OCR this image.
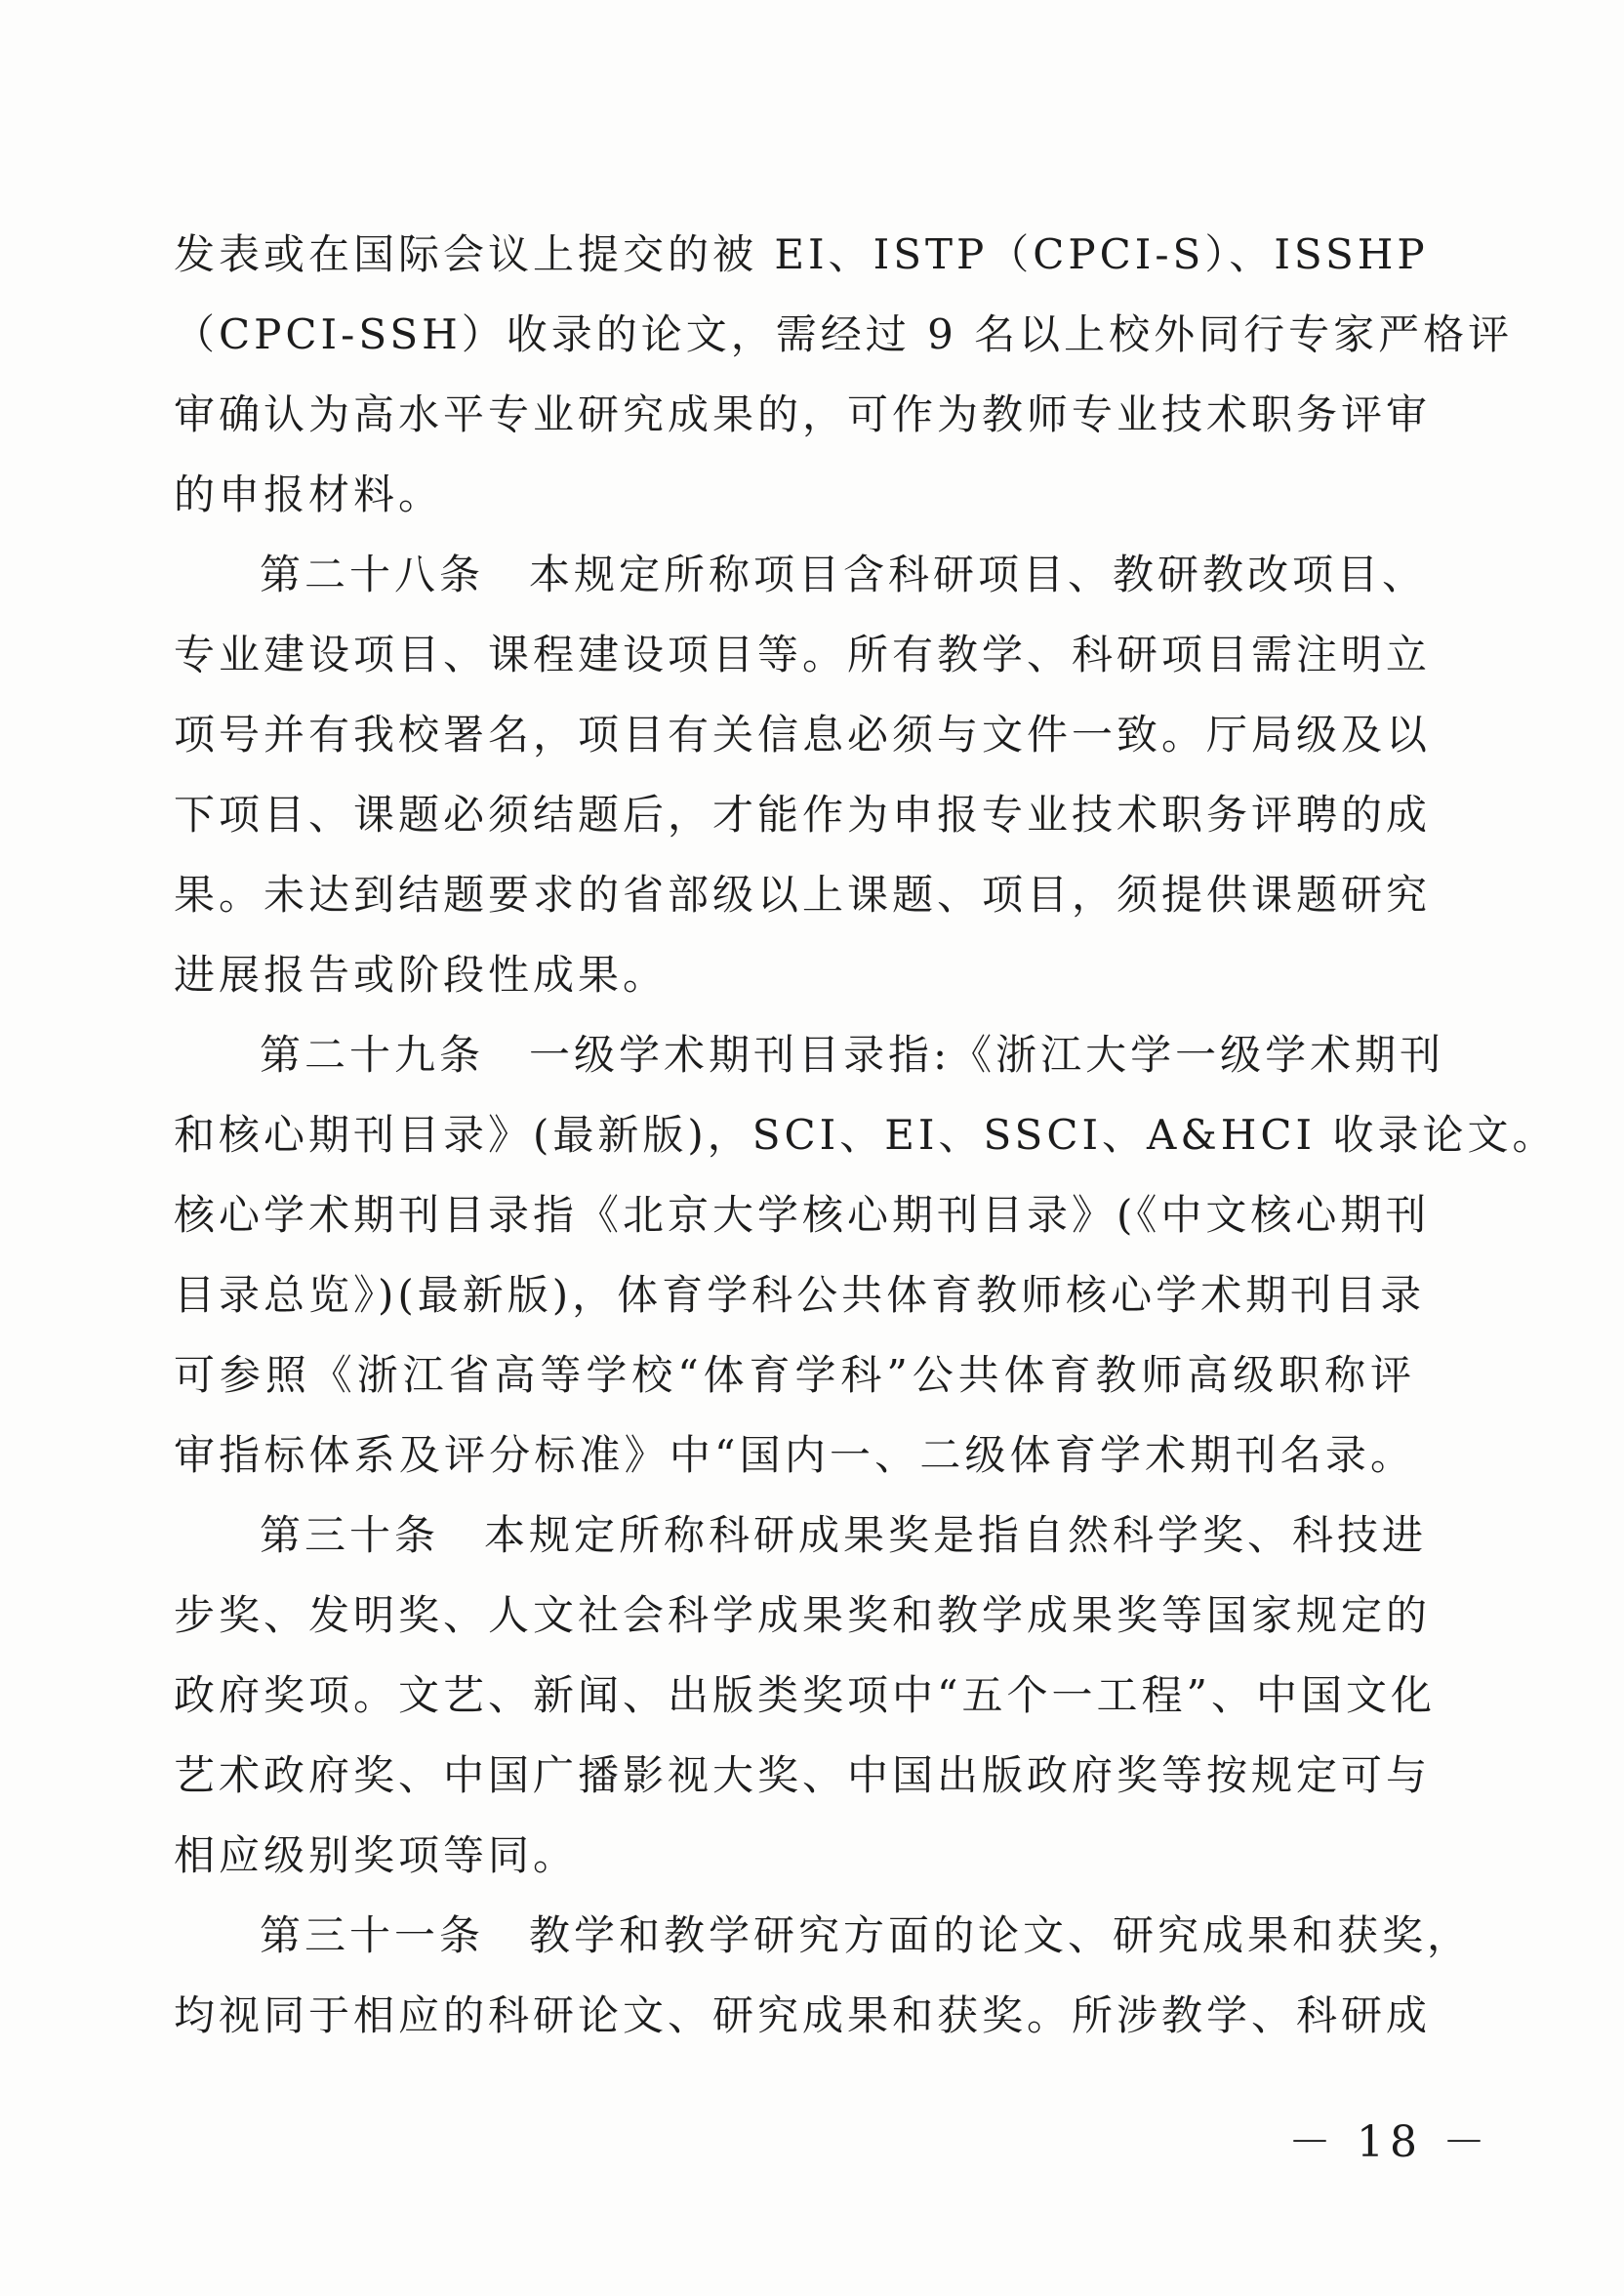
发表或在国际会议上提交的被 EI、ISTP（CPCI-S）、ISSHP
（CPCI-SSH）收录的论文，需经过 9 名以上校外同行专家严格评
审确认为高水平专业研究成果的，可作为教师专业技术职务评审
的申报材料。
第二十八条　本规定所称项目含科研项目、教研教改项目、
专业建设项目、课程建设项目等。所有教学、科研项目需注明立
项号并有我校署名，项目有关信息必须与文件一致。厅局级及以
下项目、课题必须结题后，才能作为申报专业技术职务评聘的成
果。未达到结题要求的省部级以上课题、项目，须提供课题研究
进展报告或阶段性成果。
第二十九条　一级学术期刊目录指:《浙江大学一级学术期刊
和核心期刊目录》(最新版)，SCI、EI、SSCI、A&HCI 收录论文。
核心学术期刊目录指《北京大学核心期刊目录》(《中文核心期刊
目录总览》)(最新版)，体育学科公共体育教师核心学术期刊目录
可参照《浙江省高等学校“体育学科”公共体育教师高级职称评
审指标体系及评分标准》中“国内一、二级体育学术期刊名录。
第三十条　本规定所称科研成果奖是指自然科学奖、科技进
步奖、发明奖、人文社会科学成果奖和教学成果奖等国家规定的
政府奖项。文艺、新闻、出版类奖项中“五个一工程”、中国文化
艺术政府奖、中国广播影视大奖、中国出版政府奖等按规定可与
相应级别奖项等同。
第三十一条　教学和教学研究方面的论文、研究成果和获奖，
均视同于相应的科研论文、研究成果和获奖。所涉教学、科研成
－ 18 －
